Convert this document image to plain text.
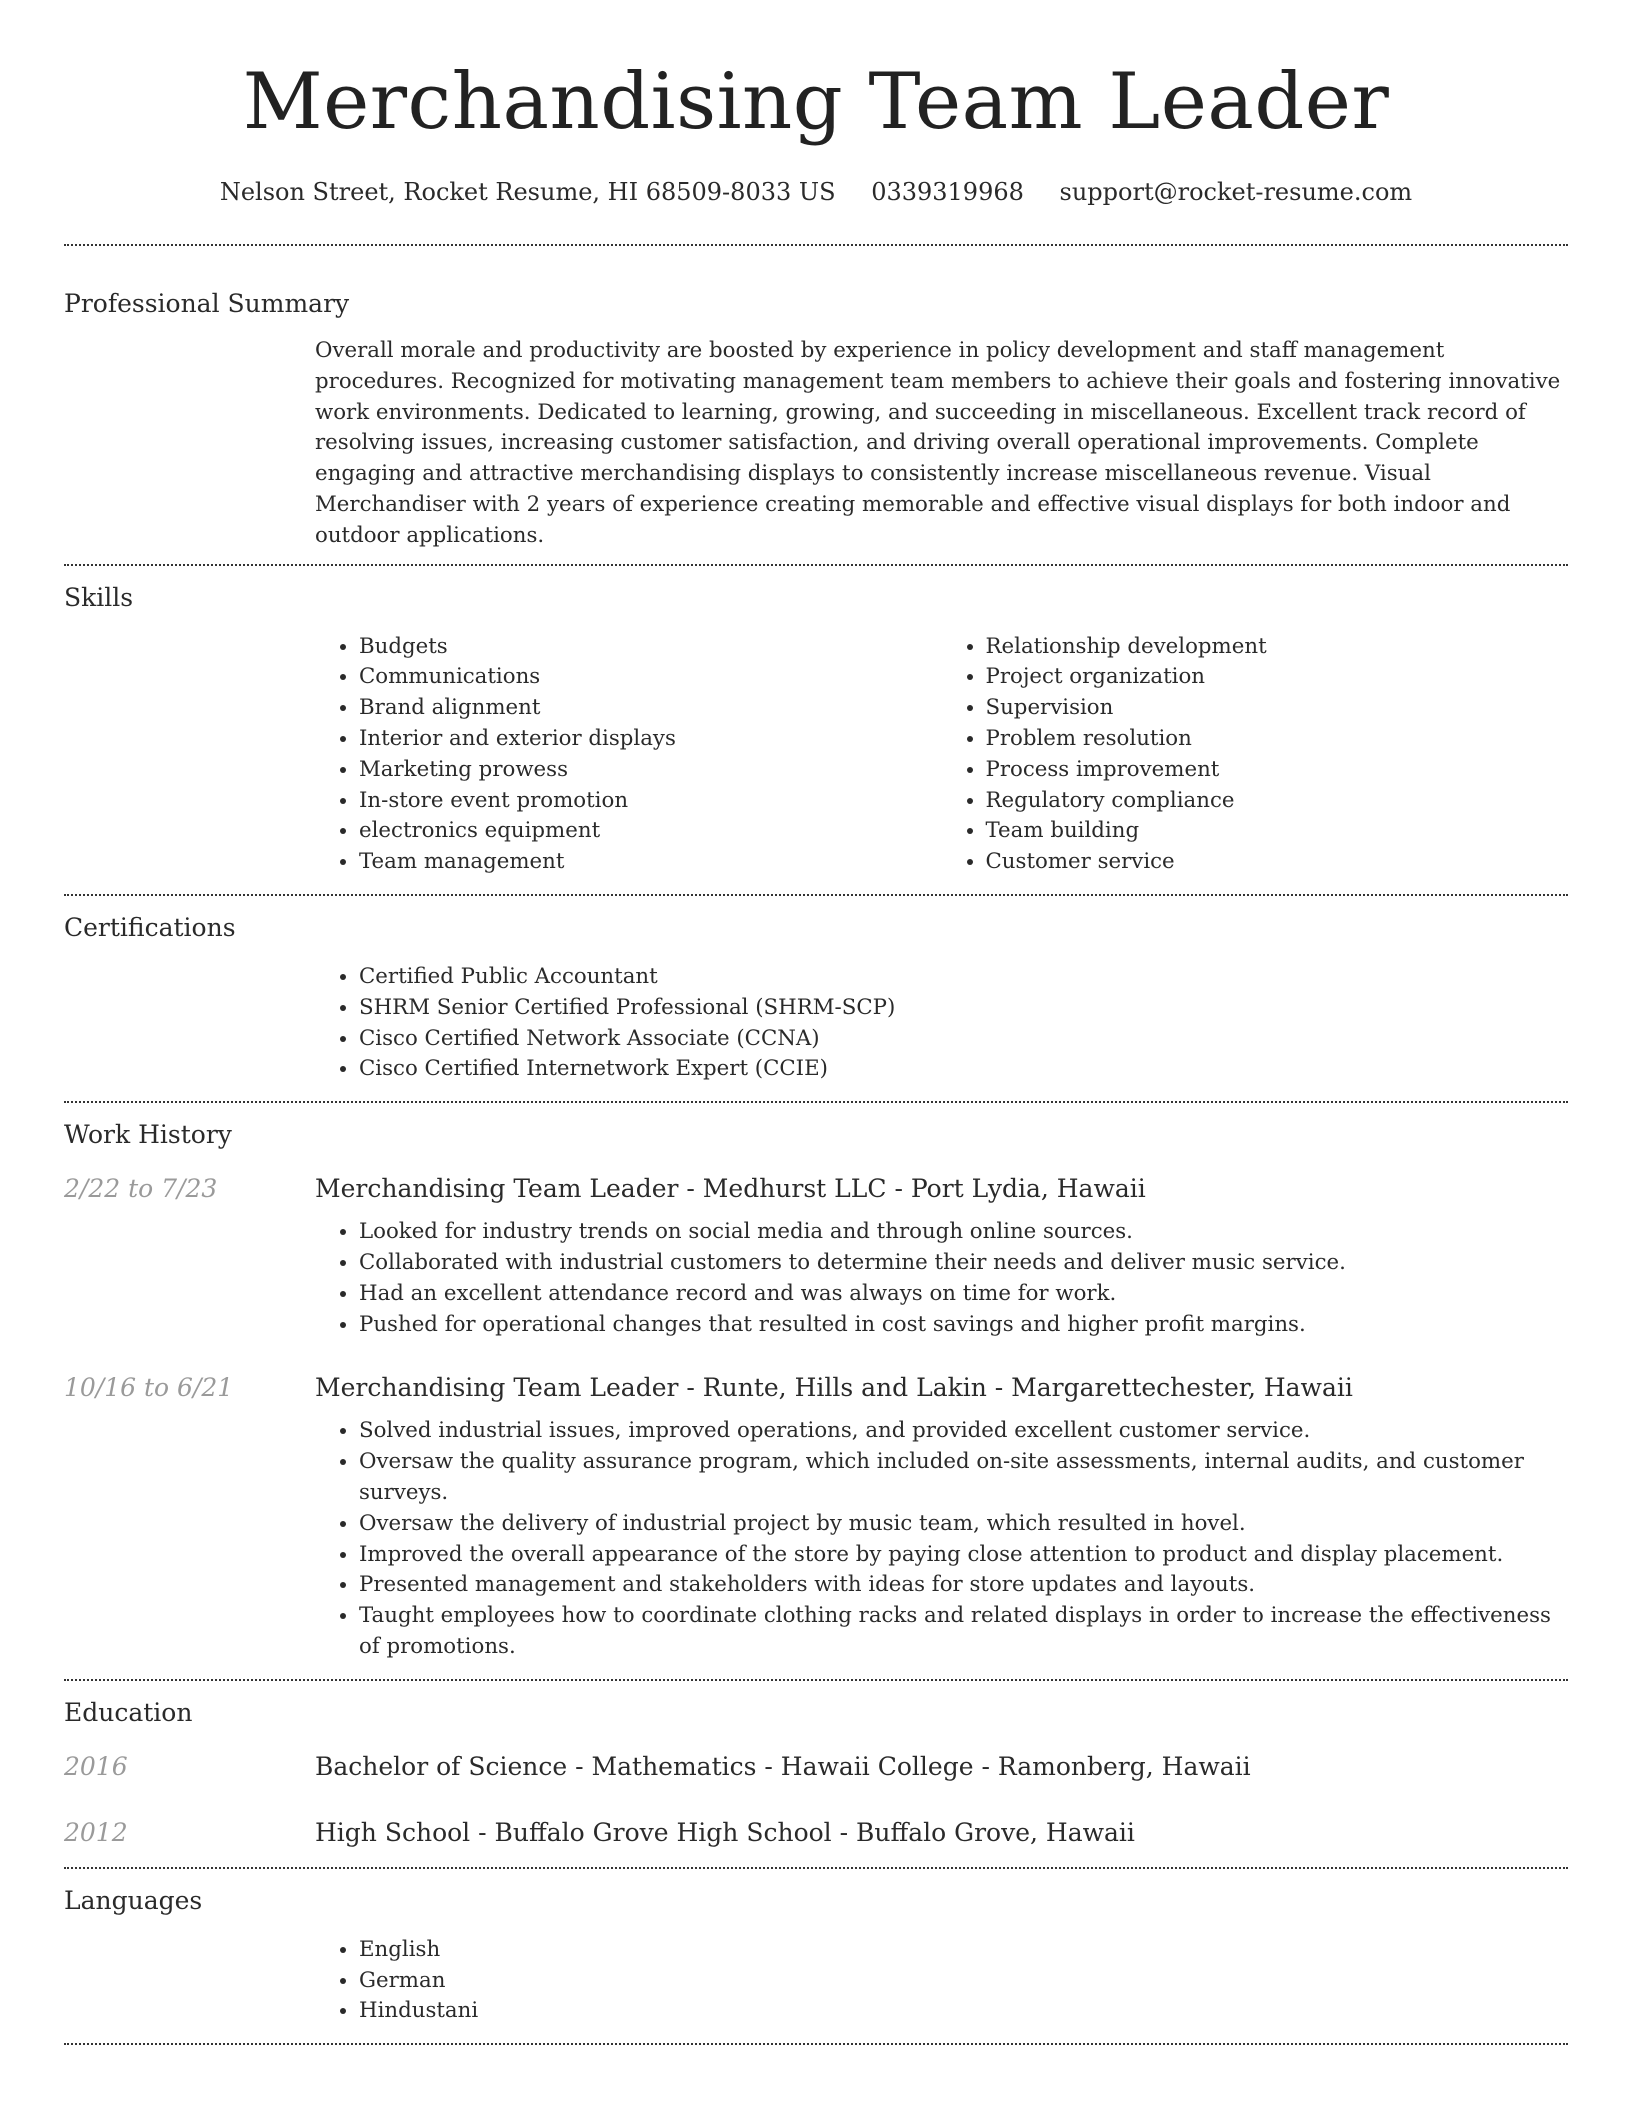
Merchandising Team Leader
Nelson Street, Rocket Resume, HI 68509-8033 US 0339319968 support@rocket-resume.com
Professional Summary
Overall morale and productivity are boosted by experience in policy development and staff management procedures. Recognized for motivating management team members to achieve their goals and fostering innovative work environments. Dedicated to learning, growing, and succeeding in miscellaneous. Excellent track record of resolving issues, increasing customer satisfaction, and driving overall operational improvements. Complete engaging and attractive merchandising displays to consistently increase miscellaneous revenue. Visual Merchandiser with 2 years of experience creating memorable and effective visual displays for both indoor and outdoor applications.
Skills
• Budgets
• Communications
• Brand alignment
• Interior and exterior displays
• Marketing prowess
• In-store event promotion
• electronics equipment
• Team management
• Relationship development
• Project organization
• Supervision
• Problem resolution
• Process improvement
• Regulatory compliance
• Team building
• Customer service
Certifications
• Certified Public Accountant
• SHRM Senior Certified Professional (SHRM-SCP)
• Cisco Certified Network Associate (CCNA)
• Cisco Certified Internetwork Expert (CCIE)
Work History
2/22 to 7/23	Merchandising Team Leader - Medhurst LLC - Port Lydia, Hawaii
• Looked for industry trends on social media and through online sources.
• Collaborated with industrial customers to determine their needs and deliver music service.
• Had an excellent attendance record and was always on time for work.
• Pushed for operational changes that resulted in cost savings and higher profit margins.
10/16 to 6/21	Merchandising Team Leader - Runte, Hills and Lakin - Margarettechester, Hawaii
• Solved industrial issues, improved operations, and provided excellent customer service.
• Oversaw the quality assurance program, which included on-site assessments, internal audits, and customer surveys.
• Oversaw the delivery of industrial project by music team, which resulted in hovel.
• Improved the overall appearance of the store by paying close attention to product and display placement.
• Presented management and stakeholders with ideas for store updates and layouts.
• Taught employees how to coordinate clothing racks and related displays in order to increase the effectiveness of promotions.
Education
2016	Bachelor of Science - Mathematics - Hawaii College - Ramonberg, Hawaii
2012	High School - Buffalo Grove High School - Buffalo Grove, Hawaii
Languages
• English
• German
• Hindustani
